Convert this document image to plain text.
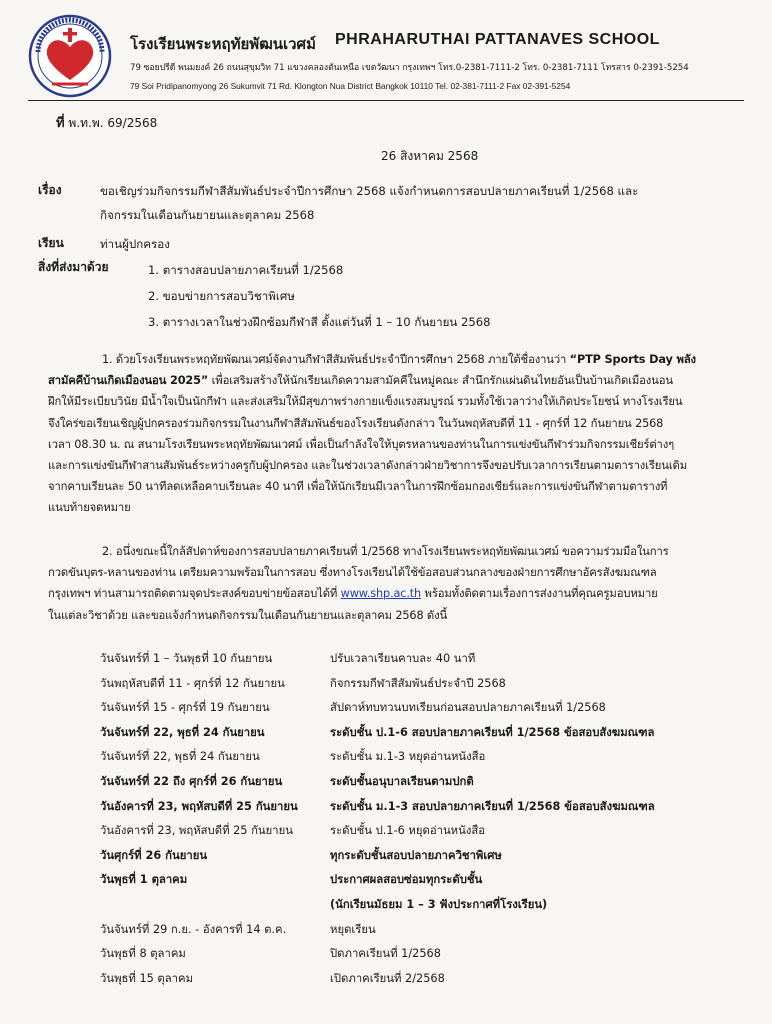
โรงเรียนพระหฤทัยพัฒนเวศม์ PHRAHARUTHAI PATTANAVES SCHOOL
79 ซอยปรีดี พนมยงค์ 26 ถนนสุขุมวิท 71 แขวงคลองตันเหนือ เขตวัฒนา กรุงเทพฯ โทร.0-2381-7111-2 โทร. 0-2381-7111 โทรสาร 0-2391-5254
79 Soi Pridipanomyong 26 Sukumvit 71 Rd. Klongton Nua District Bangkok 10110 Tel. 02-381-7111-2 Fax 02-391-5254
ที่ พ.ท.พ. 69/2568
26 สิงหาคม 2568
เรื่อง	ขอเชิญร่วมกิจกรรมกีฬาสีสัมพันธ์ประจำปีการศึกษา 2568 แจ้งกำหนดการสอบปลายภาคเรียนที่ 1/2568 และ
กิจกรรมในเดือนกันยายนและตุลาคม 2568
เรียน	ท่านผู้ปกครอง
สิ่งที่ส่งมาด้วย	1. ตารางสอบปลายภาคเรียนที่ 1/2568
2. ขอบข่ายการสอบวิชาพิเศษ
3. ตารางเวลาในช่วงฝึกซ้อมกีฬาสี ตั้งแต่วันที่ 1 – 10 กันยายน 2568
1. ด้วยโรงเรียนพระหฤทัยพัฒนเวศม์จัดงานกีฬาสีสัมพันธ์ประจำปีการศึกษา 2568 ภายใต้ชื่องานว่า “PTP Sports Day พลัง
สามัคคีบ้านเกิดเมืองนอน 2025” เพื่อเสริมสร้างให้นักเรียนเกิดความสามัคคีในหมู่คณะ สำนึกรักแผ่นดินไทยอันเป็นบ้านเกิดเมืองนอน
ฝึกให้มีระเบียบวินัย มีน้ำใจเป็นนักกีฬา และส่งเสริมให้มีสุขภาพร่างกายแข็งแรงสมบูรณ์ รวมทั้งใช้เวลาว่างให้เกิดประโยชน์ ทางโรงเรียน
จึงใคร่ขอเรียนเชิญผู้ปกครองร่วมกิจกรรมในงานกีฬาสีสัมพันธ์ของโรงเรียนดังกล่าว ในวันพฤหัสบดีที่ 11 - ศุกร์ที่ 12 กันยายน 2568
เวลา 08.30 น. ณ สนามโรงเรียนพระหฤทัยพัฒนเวศม์ เพื่อเป็นกำลังใจให้บุตรหลานของท่านในการแข่งขันกีฬาร่วมกิจกรรมเชียร์ต่างๆ
และการแข่งขันกีฬาสานสัมพันธ์ระหว่างครูกับผู้ปกครอง และในช่วงเวลาดังกล่าวฝ่ายวิชาการจึงขอปรับเวลาการเรียนตามตารางเรียนเดิม
จากคาบเรียนละ 50 นาทีลดเหลือคาบเรียนละ 40 นาที เพื่อให้นักเรียนมีเวลาในการฝึกซ้อมกองเชียร์และการแข่งขันกีฬาตามตารางที่
แนบท้ายจดหมาย
2. อนึ่งขณะนี้ใกล้สัปดาห์ของการสอบปลายภาคเรียนที่ 1/2568 ทางโรงเรียนพระหฤทัยพัฒนเวศม์ ขอความร่วมมือในการ
กวดขันบุตร-หลานของท่าน เตรียมความพร้อมในการสอบ ซึ่งทางโรงเรียนได้ใช้ข้อสอบส่วนกลางของฝ่ายการศึกษาอัครสังฆมณฑล
กรุงเทพฯ ท่านสามารถติดตามจุดประสงค์ขอบข่ายข้อสอบได้ที่ www.shp.ac.th พร้อมทั้งติดตามเรื่องการส่งงานที่คุณครูมอบหมาย
ในแต่ละวิชาด้วย และขอแจ้งกำหนดกิจกรรมในเดือนกันยายนและตุลาคม 2568 ดังนี้
วันจันทร์ที่ 1 – วันพุธที่ 10 กันยายน	ปรับเวลาเรียนคาบละ 40 นาที
วันพฤหัสบดีที่ 11 - ศุกร์ที่ 12 กันยายน	กิจกรรมกีฬาสีสัมพันธ์ประจำปี 2568
วันจันทร์ที่ 15 - ศุกร์ที่ 19 กันยายน	สัปดาห์ทบทวนบทเรียนก่อนสอบปลายภาคเรียนที่ 1/2568
วันจันทร์ที่ 22, พุธที่ 24 กันยายน	ระดับชั้น ป.1-6 สอบปลายภาคเรียนที่ 1/2568 ข้อสอบสังฆมณฑล
วันจันทร์ที่ 22, พุธที่ 24 กันยายน	ระดับชั้น ม.1-3 หยุดอ่านหนังสือ
วันจันทร์ที่ 22 ถึง ศุกร์ที่ 26 กันยายน	ระดับชั้นอนุบาลเรียนตามปกติ
วันอังคารที่ 23, พฤหัสบดีที่ 25 กันยายน	ระดับชั้น ม.1-3 สอบปลายภาคเรียนที่ 1/2568 ข้อสอบสังฆมณฑล
วันอังคารที่ 23, พฤหัสบดีที่ 25 กันยายน	ระดับชั้น ป.1-6 หยุดอ่านหนังสือ
วันศุกร์ที่ 26 กันยายน	ทุกระดับชั้นสอบปลายภาควิชาพิเศษ
วันพุธที่ 1 ตุลาคม	ประกาศผลสอบซ่อมทุกระดับชั้น
(นักเรียนมัธยม 1 – 3 ฟังประกาศที่โรงเรียน)
วันจันทร์ที่ 29 ก.ย. - อังคารที่ 14 ต.ค.	หยุดเรียน
วันพุธที่ 8 ตุลาคม	ปิดภาคเรียนที่ 1/2568
วันพุธที่ 15 ตุลาคม	เปิดภาคเรียนที่ 2/2568
